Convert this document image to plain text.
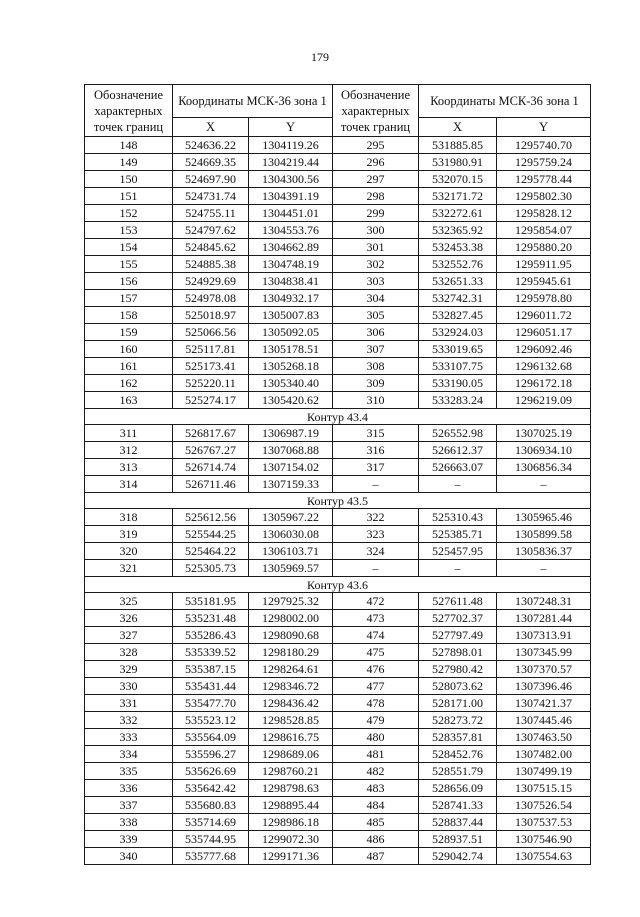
179
Обозначение характерных точек границ	Координаты МСК-36 зона 1		Обозначение характерных точек границ	Координаты МСК-36 зона 1	
	X	Y		X	Y
148	524636.22	1304119.26	295	531885.85	1295740.70
149	524669.35	1304219.44	296	531980.91	1295759.24
150	524697.90	1304300.56	297	532070.15	1295778.44
151	524731.74	1304391.19	298	532171.72	1295802.30
152	524755.11	1304451.01	299	532272.61	1295828.12
153	524797.62	1304553.76	300	532365.92	1295854.07
154	524845.62	1304662.89	301	532453.38	1295880.20
155	524885.38	1304748.19	302	532552.76	1295911.95
156	524929.69	1304838.41	303	532651.33	1295945.61
157	524978.08	1304932.17	304	532742.31	1295978.80
158	525018.97	1305007.83	305	532827.45	1296011.72
159	525066.56	1305092.05	306	532924.03	1296051.17
160	525117.81	1305178.51	307	533019.65	1296092.46
161	525173.41	1305268.18	308	533107.75	1296132.68
162	525220.11	1305340.40	309	533190.05	1296172.18
163	525274.17	1305420.62	310	533283.24	1296219.09
Контур 43.4					
311	526817.67	1306987.19	315	526552.98	1307025.19
312	526767.27	1307068.88	316	526612.37	1306934.10
313	526714.74	1307154.02	317	526663.07	1306856.34
314	526711.46	1307159.33	–	–	–
Контур 43.5					
318	525612.56	1305967.22	322	525310.43	1305965.46
319	525544.25	1306030.08	323	525385.71	1305899.58
320	525464.22	1306103.71	324	525457.95	1305836.37
321	525305.73	1305969.57	–	–	–
Контур 43.6					
325	535181.95	1297925.32	472	527611.48	1307248.31
326	535231.48	1298002.00	473	527702.37	1307281.44
327	535286.43	1298090.68	474	527797.49	1307313.91
328	535339.52	1298180.29	475	527898.01	1307345.99
329	535387.15	1298264.61	476	527980.42	1307370.57
330	535431.44	1298346.72	477	528073.62	1307396.46
331	535477.70	1298436.42	478	528171.00	1307421.37
332	535523.12	1298528.85	479	528273.72	1307445.46
333	535564.09	1298616.75	480	528357.81	1307463.50
334	535596.27	1298689.06	481	528452.76	1307482.00
335	535626.69	1298760.21	482	528551.79	1307499.19
336	535642.42	1298798.63	483	528656.09	1307515.15
337	535680.83	1298895.44	484	528741.33	1307526.54
338	535714.69	1298986.18	485	528837.44	1307537.53
339	535744.95	1299072.30	486	528937.51	1307546.90
340	535777.68	1299171.36	487	529042.74	1307554.63
